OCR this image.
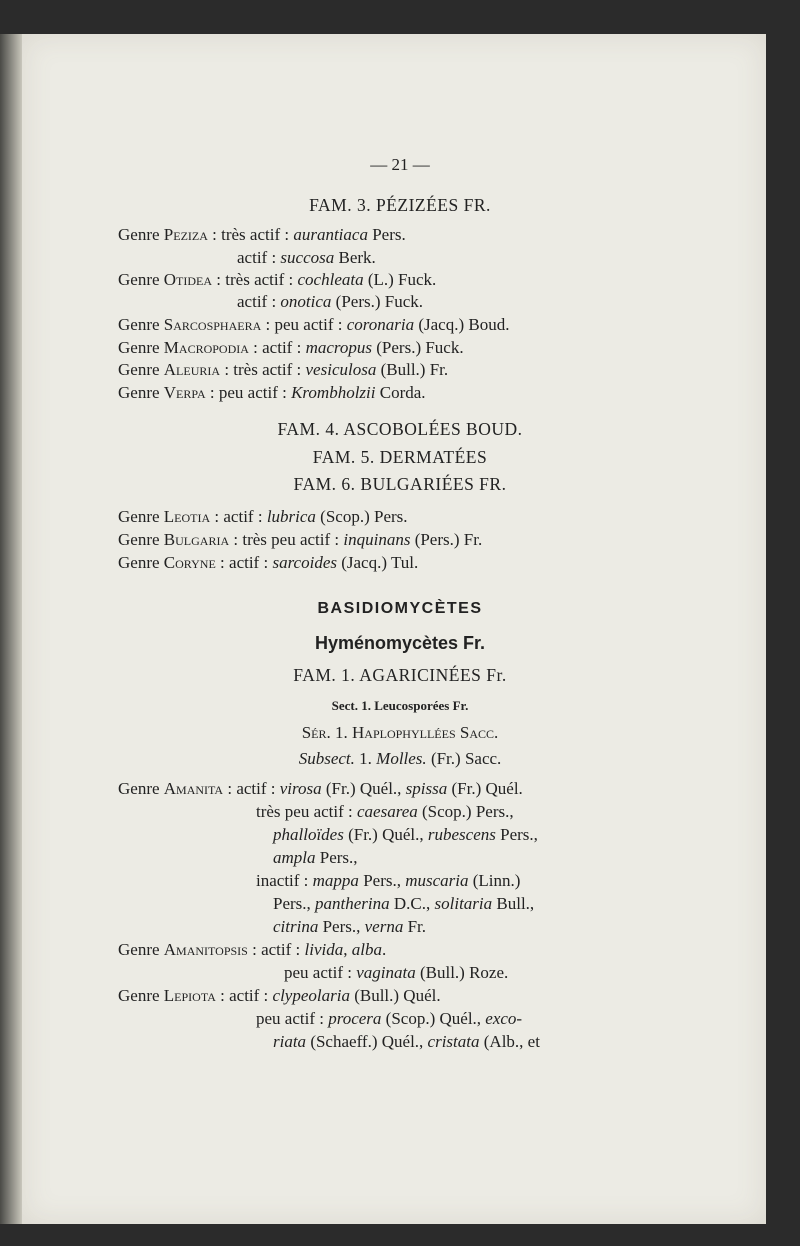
— 21 —
FAM. 3. PÉZIZÉES FR.
Genre Peziza : très actif : aurantiaca Pers.
actif : succosa Berk.
Genre Otidea : très actif : cochleata (L.) Fuck.
actif : onotica (Pers.) Fuck.
Genre Sarcosphaera : peu actif : coronaria (Jacq.) Boud.
Genre Macropodia : actif : macropus (Pers.) Fuck.
Genre Aleuria : très actif : vesiculosa (Bull.) Fr.
Genre Verpa : peu actif : Krombholzii Corda.
FAM. 4. ASCOBOLÉES BOUD.
FAM. 5. DERMATÉES
FAM. 6. BULGARIÉES FR.
Genre Leotia : actif : lubrica (Scop.) Pers.
Genre Bulgaria : très peu actif : inquinans (Pers.) Fr.
Genre Coryne : actif : sarcoides (Jacq.) Tul.
BASIDIOMYCÈTES
Hyménomycètes Fr.
FAM. 1. AGARICINÉES Fr.
Sect. 1. Leucosporées Fr.
Sér. 1. Haplophyllées Sacc.
Subsect. 1. Molles. (Fr.) Sacc.
Genre Amanita : actif : virosa (Fr.) Quél., spissa (Fr.) Quél.
très peu actif : caesarea (Scop.) Pers.,
phalloïdes (Fr.) Quél., rubescens Pers.,
ampla Pers.,
inactif : mappa Pers., muscaria (Linn.)
Pers., pantherina D.C., solitaria Bull.,
citrina Pers., verna Fr.
Genre Amanitopsis : actif : livida, alba.
peu actif : vaginata (Bull.) Roze.
Genre Lepiota : actif : clypeolaria (Bull.) Quél.
peu actif : procera (Scop.) Quél., exco-
riata (Schaeff.) Quél., cristata (Alb., et
